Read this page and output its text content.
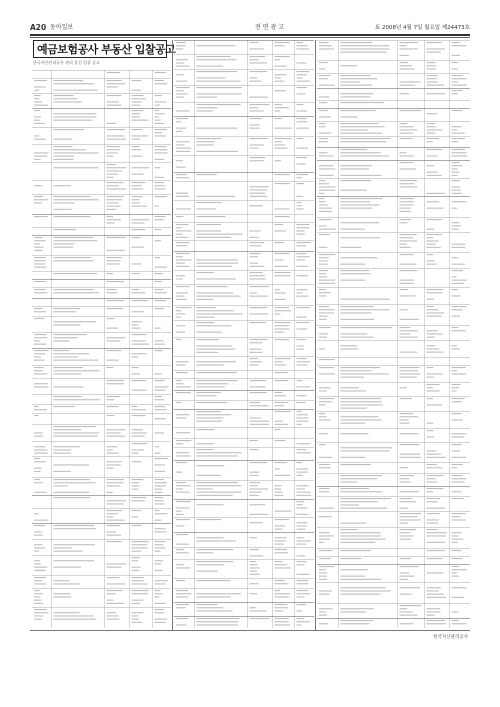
A20 동아일보	전면광고	토 2008년 4월 7일 월요일 제24473호
예금보험공사 부동산 입찰공고
한국자산관리공사 관리 물건 입찰 공고
한국자산관리공사
